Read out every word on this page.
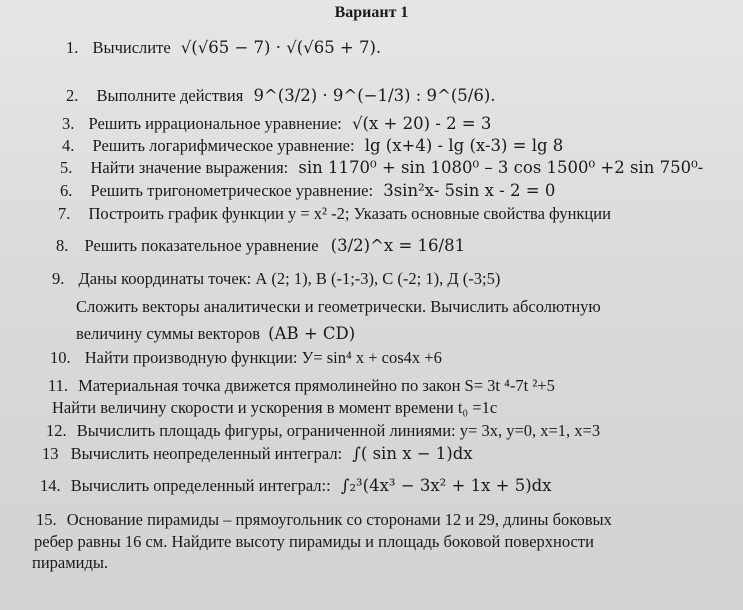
Вариант 1
1. Вычислите √(√65 − 7) · √(√65 + 7).
2. Выполните действия 9^(3/2) · 9^(−1/3) : 9^(5/6).
3. Решить иррациональное уравнение: √(x + 20) - 2 = 3
4. Решить логарифмическое уравнение: lg (x+4) - lg (x-3) = lg 8
5. Найти значение выражения: sin 1170⁰ + sin 1080⁰ – 3 cos 1500⁰ +2 sin 750⁰-
6. Решить тригонометрическое уравнение: 3sin²x- 5sin x - 2 = 0
7. Построить график функции y = x² -2; Указать основные свойства функции
8. Решить показательное уравнение (3/2)^x = 16/81
9. Даны координаты точек: А (2; 1), В (-1;-3), С (-2; 1), Д (-3;5)
Сложить векторы аналитически и геометрически. Вычислить абсолютную
величину суммы векторов (AB + CD)
10. Найти производную функции: У= sin⁴ x + cos4x +6
11. Материальная точка движется прямолинейно по закон S= 3t ⁴-7t ²+5
Найти величину скорости и ускорения в момент времени t₀ =1c
12. Вычислить площадь фигуры, ограниченной линиями: y= 3x, y=0, x=1, x=3
13 Вычислить неопределенный интеграл: ∫( sin x − 1)dx
14. Вычислить определенный интеграл:: ∫₂³(4x³ − 3x² + 1x + 5)dx
15. Основание пирамиды – прямоугольник со сторонами 12 и 29, длины боковых
ребер равны 16 см. Найдите высоту пирамиды и площадь боковой поверхности
пирамиды.
